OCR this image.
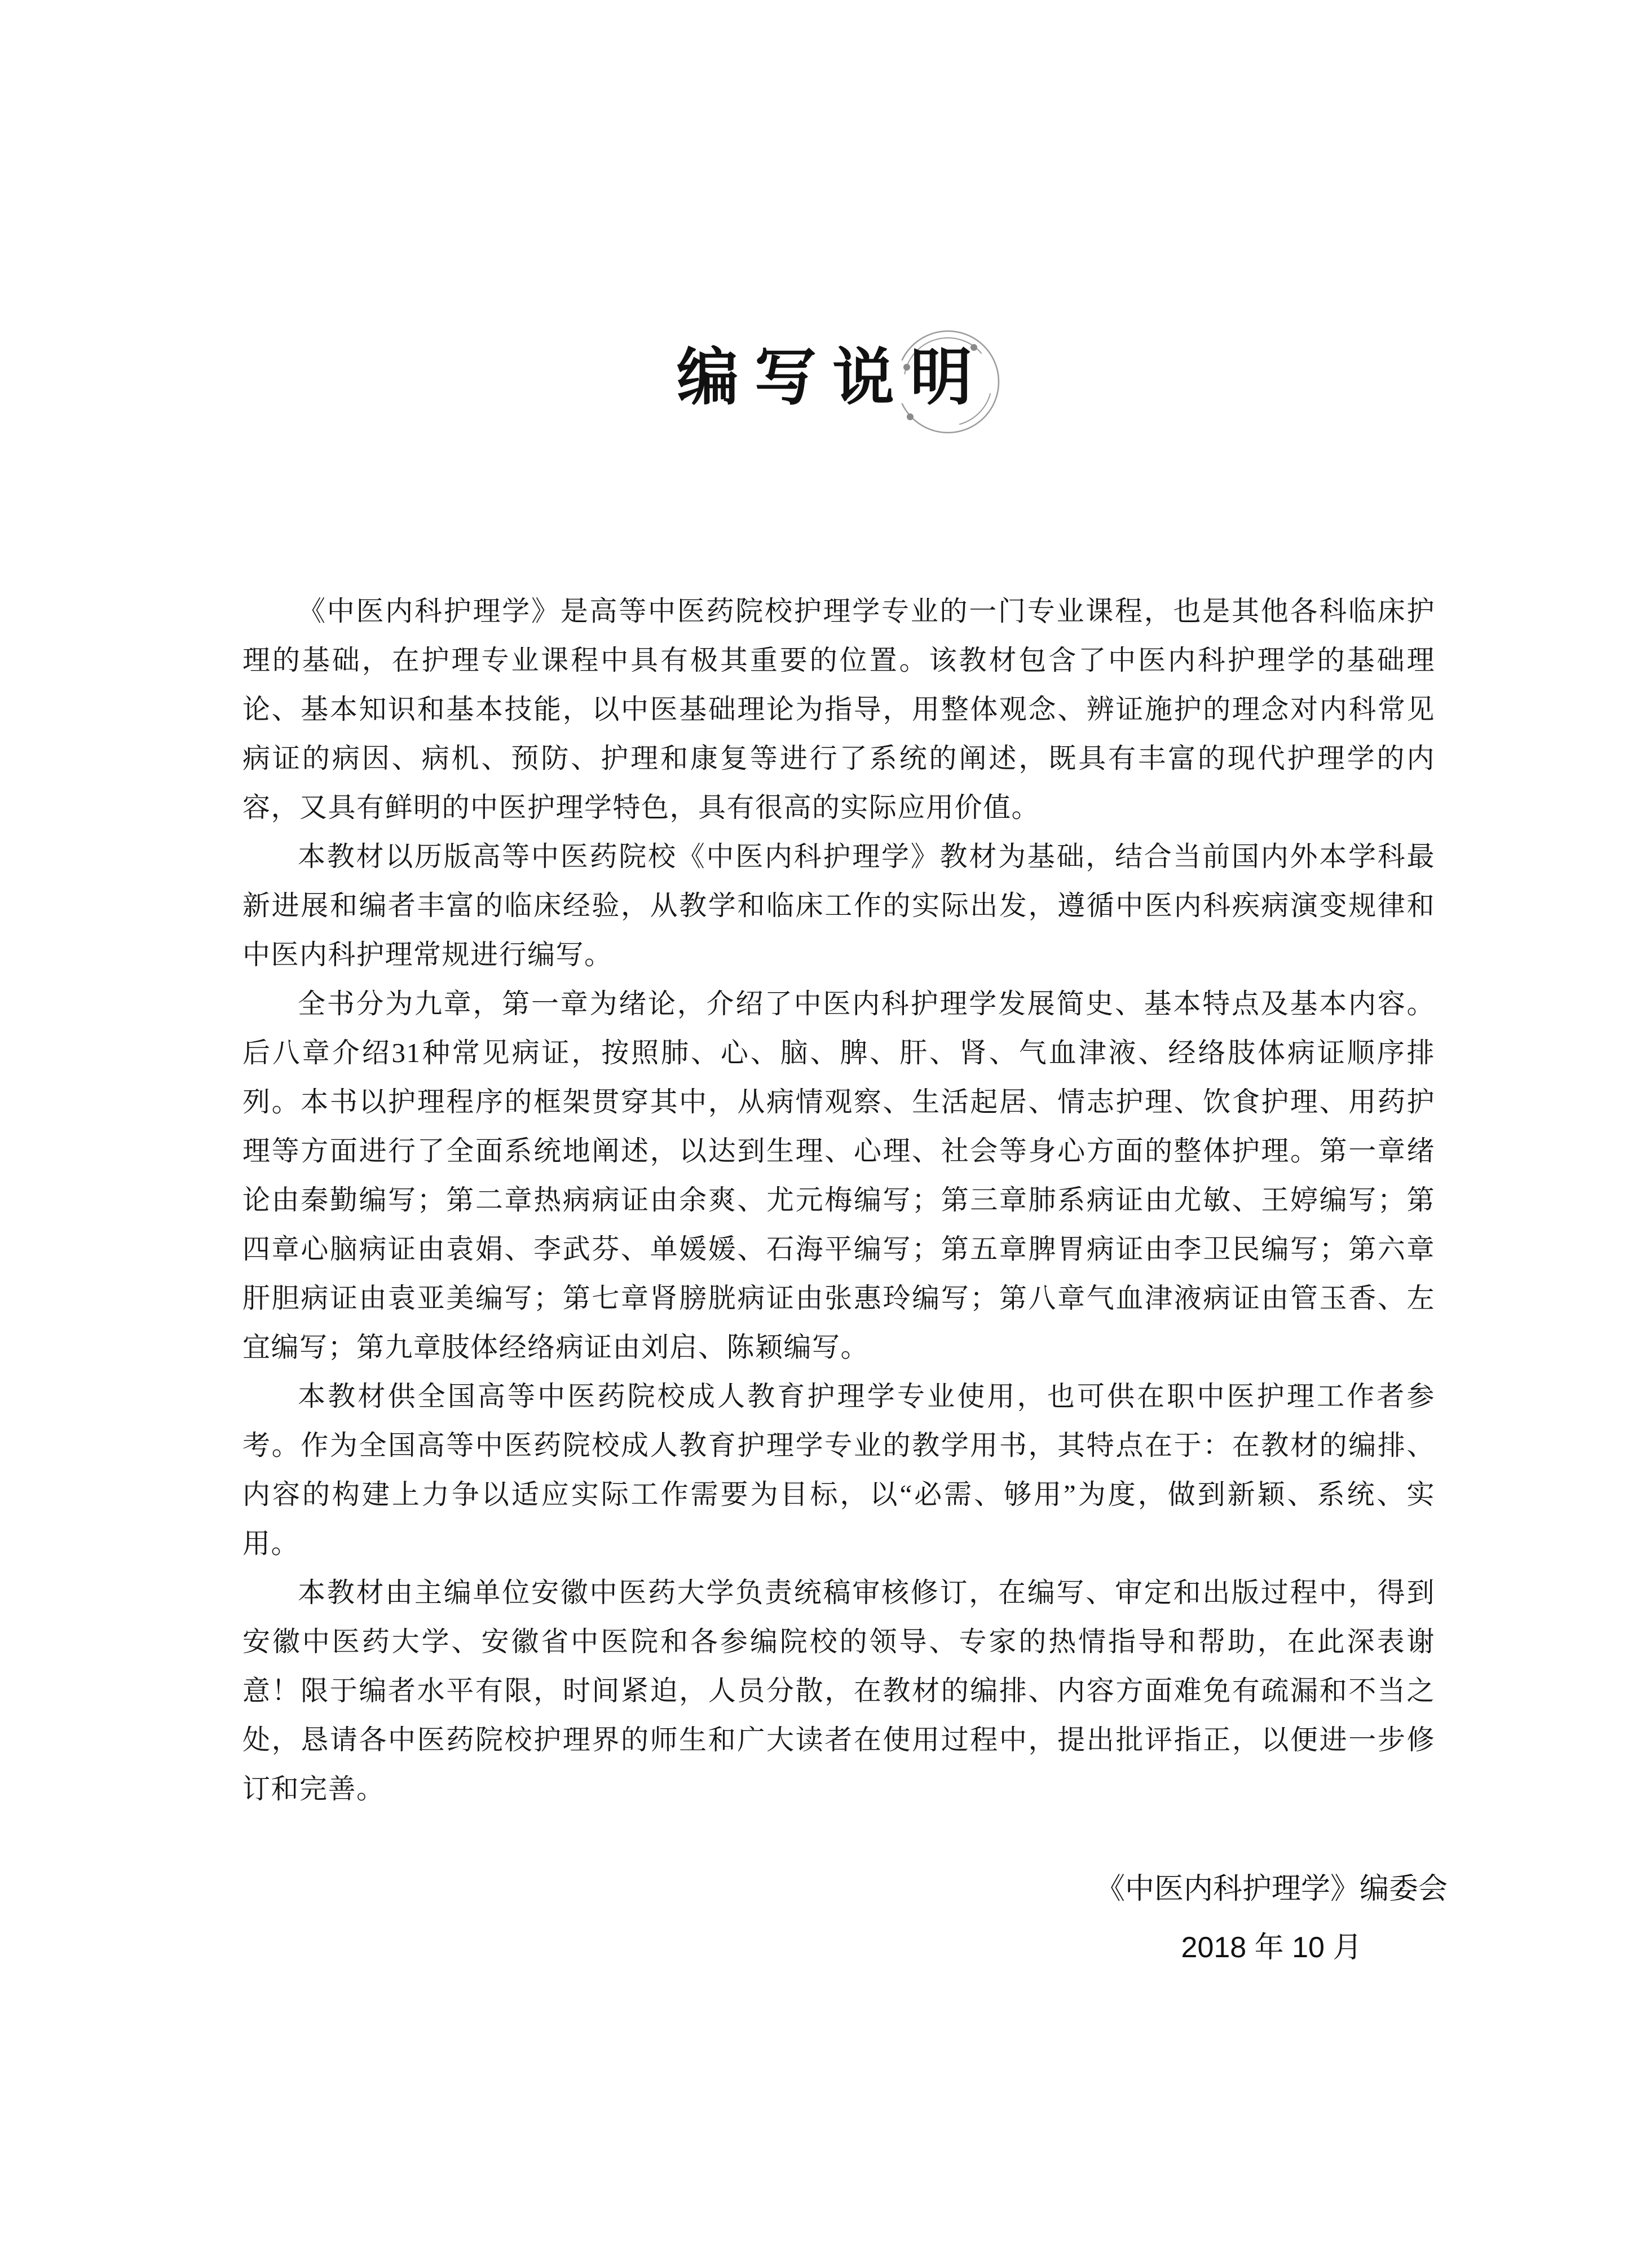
编写说明

《中医内科护理学》是高等中医药院校护理学专业的一门专业课程，也是其他各科临床护理的基础，在护理专业课程中具有极其重要的位置。该教材包含了中医内科护理学的基础理论、基本知识和基本技能，以中医基础理论为指导，用整体观念、辨证施护的理念对内科常见病证的病因、病机、预防、护理和康复等进行了系统的阐述，既具有丰富的现代护理学的内容，又具有鲜明的中医护理学特色，具有很高的实际应用价值。

本教材以历版高等中医药院校《中医内科护理学》教材为基础，结合当前国内外本学科最新进展和编者丰富的临床经验，从教学和临床工作的实际出发，遵循中医内科疾病演变规律和中医内科护理常规进行编写。

全书分为九章，第一章为绪论，介绍了中医内科护理学发展简史、基本特点及基本内容。后八章介绍31种常见病证，按照肺、心、脑、脾、肝、肾、气血津液、经络肢体病证顺序排列。本书以护理程序的框架贯穿其中，从病情观察、生活起居、情志护理、饮食护理、用药护理等方面进行了全面系统地阐述，以达到生理、心理、社会等身心方面的整体护理。第一章绪论由秦勤编写；第二章热病病证由余爽、尤元梅编写；第三章肺系病证由尤敏、王婷编写；第四章心脑病证由袁娟、李武芬、单媛媛、石海平编写；第五章脾胃病证由李卫民编写；第六章肝胆病证由袁亚美编写；第七章肾膀胱病证由张惠玲编写；第八章气血津液病证由管玉香、左宜编写；第九章肢体经络病证由刘启、陈颖编写。

本教材供全国高等中医药院校成人教育护理学专业使用，也可供在职中医护理工作者参考。作为全国高等中医药院校成人教育护理学专业的教学用书，其特点在于：在教材的编排、内容的构建上力争以适应实际工作需要为目标，以“必需、够用”为度，做到新颖、系统、实用。

本教材由主编单位安徽中医药大学负责统稿审核修订，在编写、审定和出版过程中，得到安徽中医药大学、安徽省中医院和各参编院校的领导、专家的热情指导和帮助，在此深表谢意！限于编者水平有限，时间紧迫，人员分散，在教材的编排、内容方面难免有疏漏和不当之处，恳请各中医药院校护理界的师生和广大读者在使用过程中，提出批评指正，以便进一步修订和完善。

《中医内科护理学》编委会
2018 年 10 月
